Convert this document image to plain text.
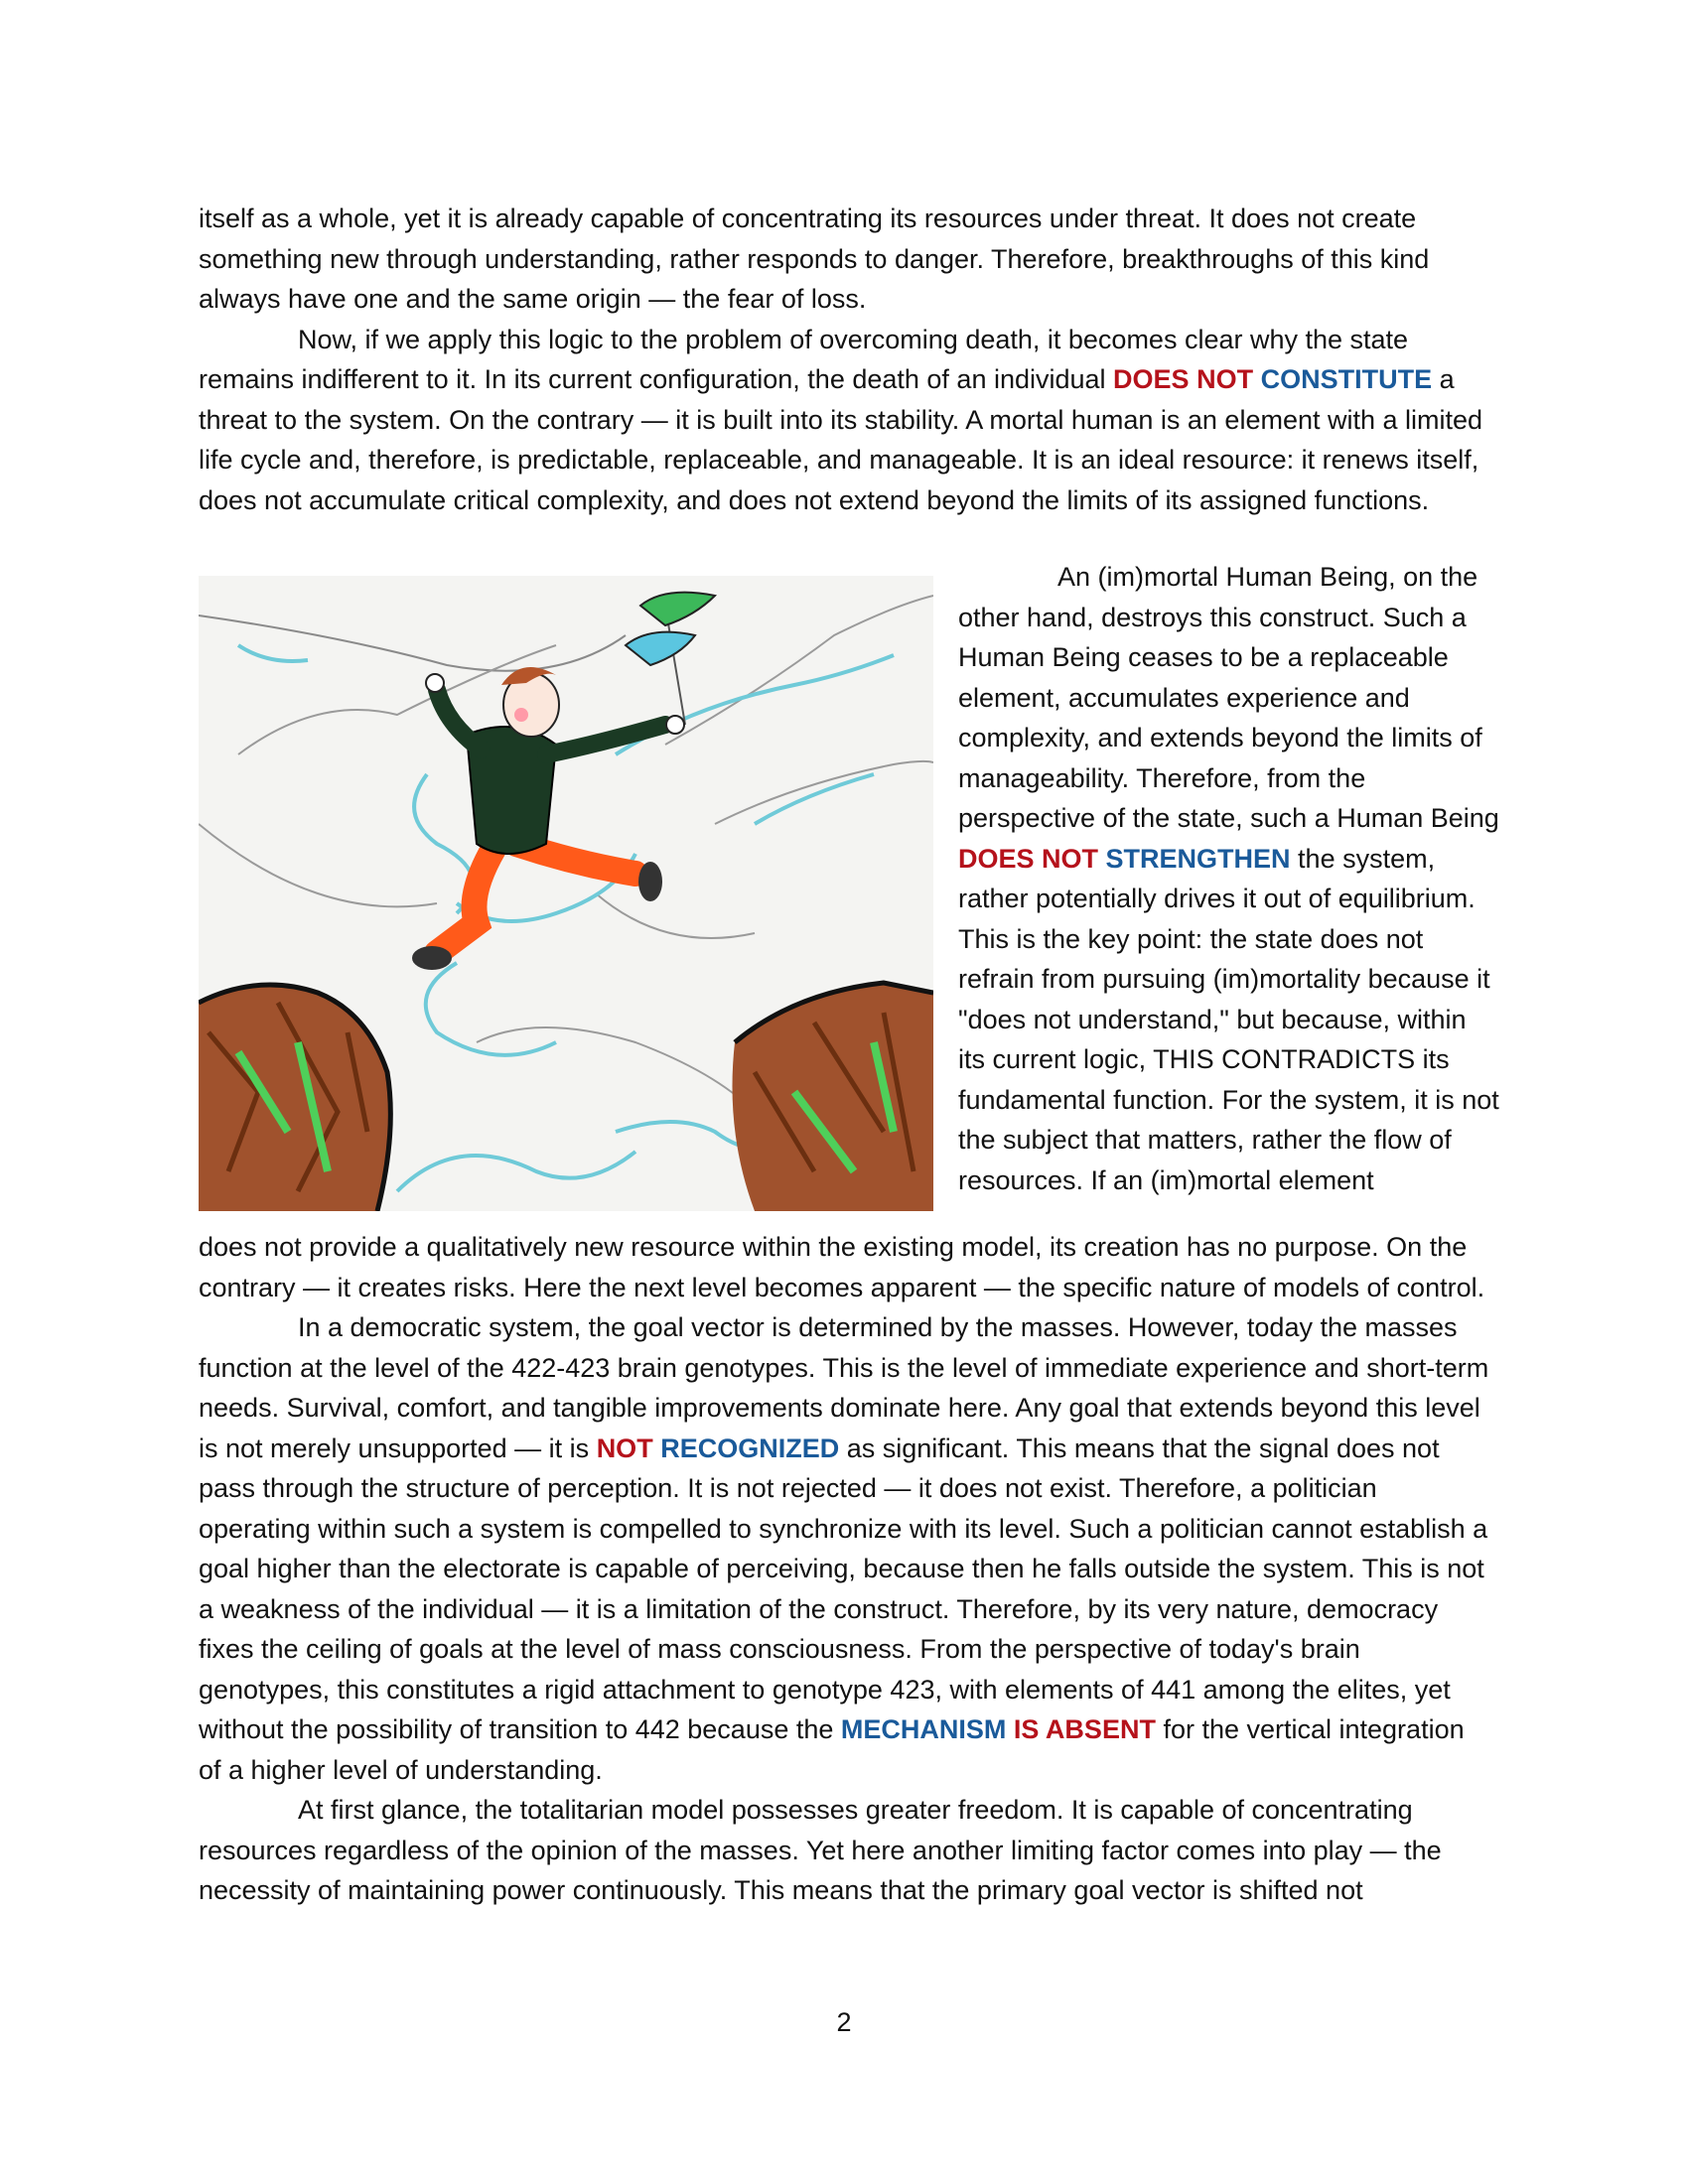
itself as a whole, yet it is already capable of concentrating its resources under threat. It does not create something new through understanding, rather responds to danger. Therefore, breakthroughs of this kind always have one and the same origin — the fear of loss.

Now, if we apply this logic to the problem of overcoming death, it becomes clear why the state remains indifferent to it. In its current configuration, the death of an individual DOES NOT CONSTITUTE a threat to the system. On the contrary — it is built into its stability. A mortal human is an element with a limited life cycle and, therefore, is predictable, replaceable, and manageable. It is an ideal resource: it renews itself, does not accumulate critical complexity, and does not extend beyond the limits of its assigned functions.

An (im)mortal Human Being, on the other hand, destroys this construct. Such a Human Being ceases to be a replaceable element, accumulates experience and complexity, and extends beyond the limits of manageability. Therefore, from the perspective of the state, such a Human Being DOES NOT STRENGTHEN the system, rather potentially drives it out of equilibrium. This is the key point: the state does not refrain from pursuing (im)mortality because it "does not understand," but because, within its current logic, THIS CONTRADICTS its fundamental function. For the system, it is not the subject that matters, rather the flow of resources. If an (im)mortal element

does not provide a qualitatively new resource within the existing model, its creation has no purpose. On the contrary — it creates risks. Here the next level becomes apparent — the specific nature of models of control.

In a democratic system, the goal vector is determined by the masses. However, today the masses function at the level of the 422-423 brain genotypes. This is the level of immediate experience and short-term needs. Survival, comfort, and tangible improvements dominate here. Any goal that extends beyond this level is not merely unsupported — it is NOT RECOGNIZED as significant. This means that the signal does not pass through the structure of perception. It is not rejected — it does not exist. Therefore, a politician operating within such a system is compelled to synchronize with its level. Such a politician cannot establish a goal higher than the electorate is capable of perceiving, because then he falls outside the system. This is not a weakness of the individual — it is a limitation of the construct. Therefore, by its very nature, democracy fixes the ceiling of goals at the level of mass consciousness. From the perspective of today's brain genotypes, this constitutes a rigid attachment to genotype 423, with elements of 441 among the elites, yet without the possibility of transition to 442 because the MECHANISM IS ABSENT for the vertical integration of a higher level of understanding.

At first glance, the totalitarian model possesses greater freedom. It is capable of concentrating resources regardless of the opinion of the masses. Yet here another limiting factor comes into play — the necessity of maintaining power continuously. This means that the primary goal vector is shifted not

2
